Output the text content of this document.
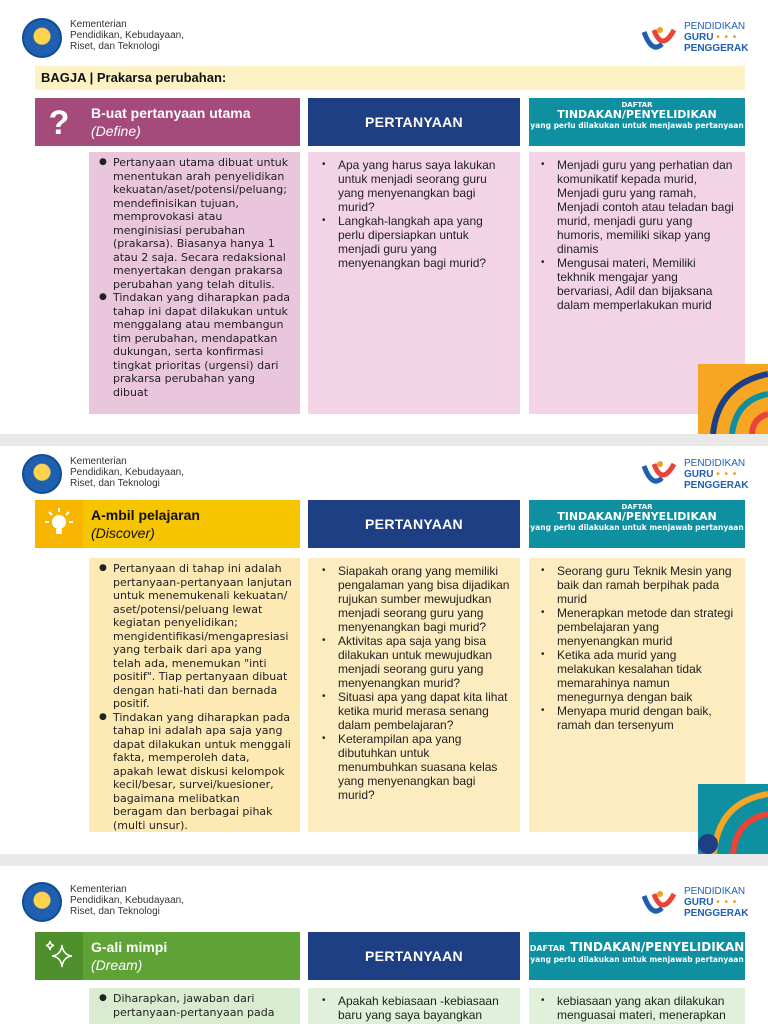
Kementerian
Pendidikan, Kebudayaan,
Riset, dan Teknologi
PENDIDIKAN
GURU • • •
PENGGERAK
BAGJA | Prakarsa perubahan:
? B-uat pertanyaan utama
(Define)
PERTANYAAN
DAFTAR
TINDAKAN/PENYELIDIKAN
yang perlu dilakukan untuk menjawab pertanyaan
● Pertanyaan utama dibuat untuk menentukan arah penyelidikan kekuatan/aset/potensi/peluang; mendefinisikan tujuan, memprovokasi atau menginisiasi perubahan (prakarsa). Biasanya hanya 1 atau 2 saja. Secara redaksional menyertakan dengan prakarsa perubahan yang telah ditulis.
● Tindakan yang diharapkan pada tahap ini dapat dilakukan untuk menggalang atau membangun tim perubahan, mendapatkan dukungan, serta konfirmasi tingkat prioritas (urgensi) dari prakarsa perubahan yang dibuat
• Apa yang harus saya lakukan untuk menjadi seorang guru yang menyenangkan bagi murid?
• Langkah-langkah apa yang perlu dipersiapkan untuk menjadi guru yang menyenangkan bagi murid?
• Menjadi guru yang perhatian dan komunikatif kepada murid, Menjadi guru yang ramah, Menjadi contoh atau teladan bagi murid, menjadi guru yang humoris, memiliki sikap yang dinamis
• Mengusai materi, Memiliki tekhnik mengajar yang bervariasi, Adil dan bijaksana dalam memperlakukan murid
Kementerian
Pendidikan, Kebudayaan,
Riset, dan Teknologi
PENDIDIKAN
GURU • • •
PENGGERAK
A-mbil pelajaran
(Discover)
PERTANYAAN
DAFTAR
TINDAKAN/PENYELIDIKAN
yang perlu dilakukan untuk menjawab pertanyaan
● Pertanyaan di tahap ini adalah pertanyaan-pertanyaan lanjutan untuk menemukenali kekuatan/ aset/potensi/peluang lewat kegiatan penyelidikan; mengidentifikasi/mengapresiasi yang terbaik dari apa yang telah ada, menemukan "inti positif". Tiap pertanyaan dibuat dengan hati-hati dan bernada positif.
● Tindakan yang diharapkan pada tahap ini adalah apa saja yang dapat dilakukan untuk menggali fakta, memperoleh data, apakah lewat diskusi kelompok kecil/besar, survei/kuesioner, bagaimana melibatkan beragam dan berbagai pihak (multi unsur).
• Siapakah orang yang memiliki pengalaman yang bisa dijadikan rujukan sumber mewujudkan menjadi seorang guru yang menyenangkan bagi murid?
• Aktivitas apa saja yang bisa dilakukan untuk mewujudkan menjadi seorang guru yang menyenangkan murid?
• Situasi apa yang dapat kita lihat ketika murid merasa senang dalam pembelajaran?
• Keterampilan apa yang dibutuhkan untuk menumbuhkan suasana kelas yang menyenangkan bagi murid?
• Seorang guru Teknik Mesin yang baik dan ramah berpihak pada murid
• Menerapkan metode dan strategi pembelajaran yang menyenangkan murid
• Ketika ada murid yang melakukan kesalahan tidak memarahinya namun menegurnya dengan baik
• Menyapa murid dengan baik, ramah dan tersenyum
Kementerian
Pendidikan, Kebudayaan,
Riset, dan Teknologi
PENDIDIKAN
GURU • • •
PENGGERAK
G-ali mimpi
(Dream)
PERTANYAAN	DAFTAR TINDAKAN/PENYELIDIKAN
yang perlu dilakukan untuk menjawab pertanyaan
● Diharapkan, jawaban dari pertanyaan-pertanyaan pada
• Apakah kebiasaan -kebiasaan baru yang saya bayangkan
• kebiasaan yang akan dilakukan menguasai materi, menerapkan
